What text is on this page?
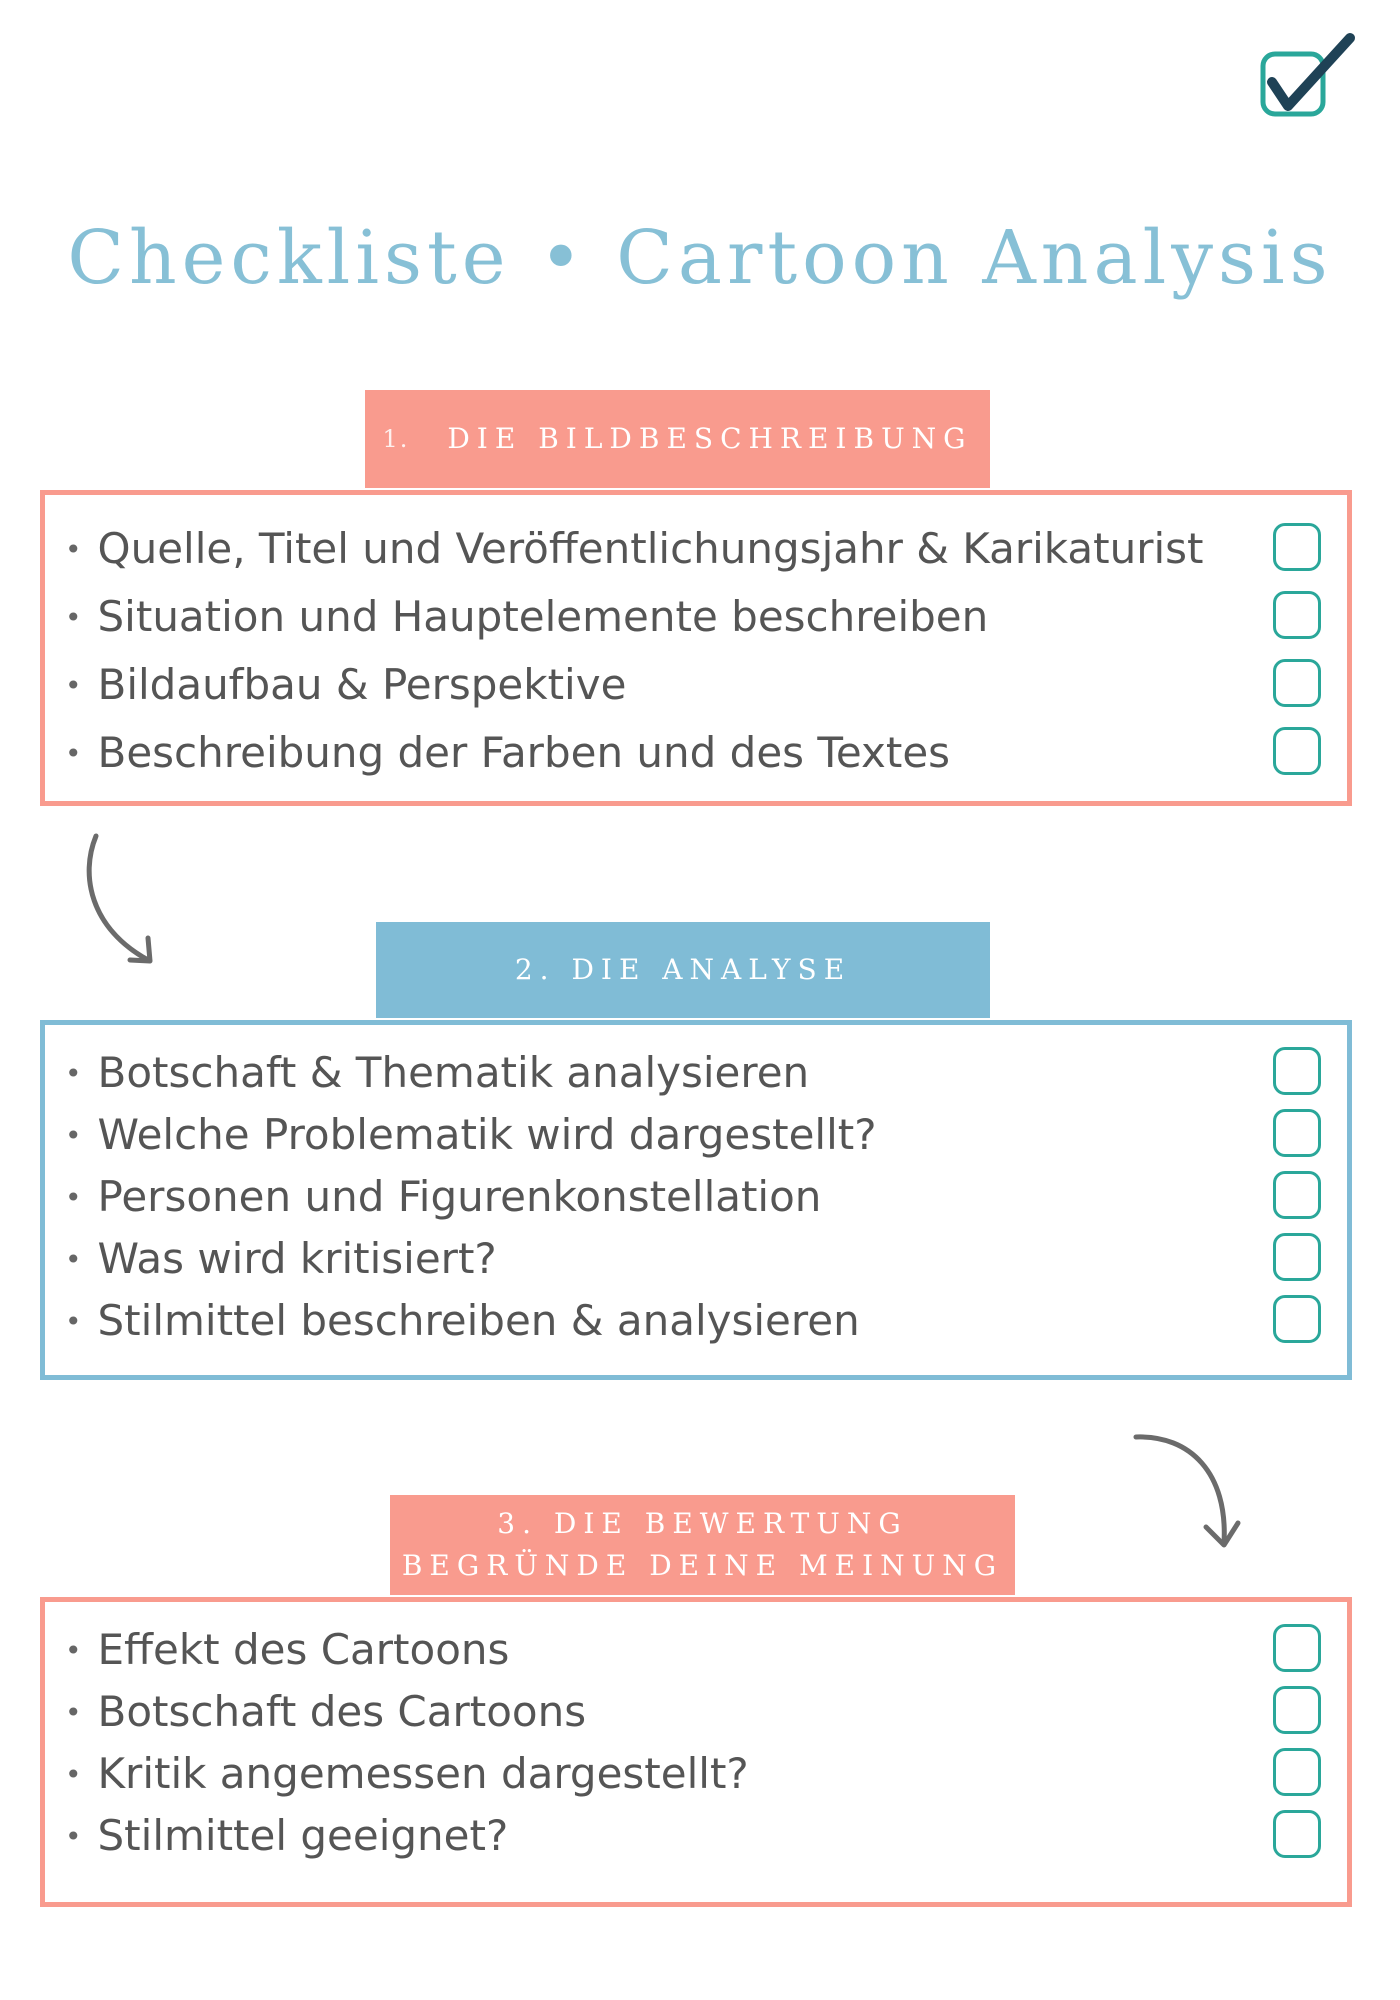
Checkliste • Cartoon Analysis
1. DIE BILDBESCHREIBUNG
• Quelle, Titel und Veröffentlichungsjahr & Karikaturist
• Situation und Hauptelemente beschreiben
• Bildaufbau & Perspektive
• Beschreibung der Farben und des Textes
2. DIE ANALYSE
• Botschaft & Thematik analysieren
• Welche Problematik wird dargestellt?
• Personen und Figurenkonstellation
• Was wird kritisiert?
• Stilmittel beschreiben & analysieren
3. DIE BEWERTUNG
BEGRÜNDE DEINE MEINUNG
• Effekt des Cartoons
• Botschaft des Cartoons
• Kritik angemessen dargestellt?
• Stilmittel geeignet?
